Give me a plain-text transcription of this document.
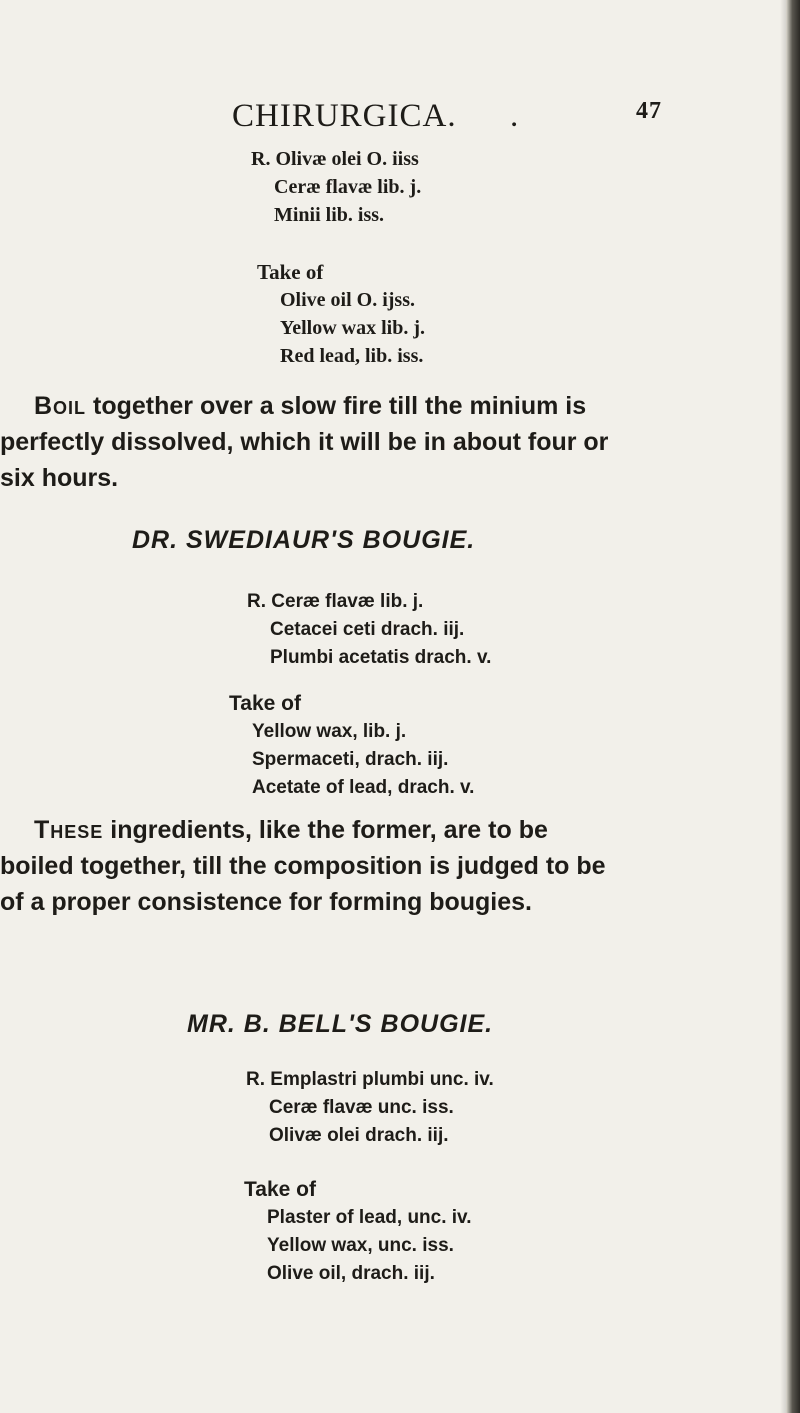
CHIRURGICA. .	47
R. Olivæ olei O. iiss
Ceræ flavæ lib. j.
Minii lib. iss.
Take of
Olive oil O. ijss.
Yellow wax lib. j.
Red lead, lib. iss.
Boil together over a slow fire till the minium is
perfectly dissolved, which it will be in about four or
six hours.
DR. SWEDIAUR'S BOUGIE.
R. Ceræ flavæ lib. j.
Cetacei ceti drach. iij.
Plumbi acetatis drach. v.
Take of
Yellow wax, lib. j.
Spermaceti, drach. iij.
Acetate of lead, drach. v.
These ingredients, like the former, are to be
boiled together, till the composition is judged to be
of a proper consistence for forming bougies.
MR. B. BELL'S BOUGIE.
R. Emplastri plumbi unc. iv.
Ceræ flavæ unc. iss.
Olivæ olei drach. iij.
Take of
Plaster of lead, unc. iv.
Yellow wax, unc. iss.
Olive oil, drach. iij.
